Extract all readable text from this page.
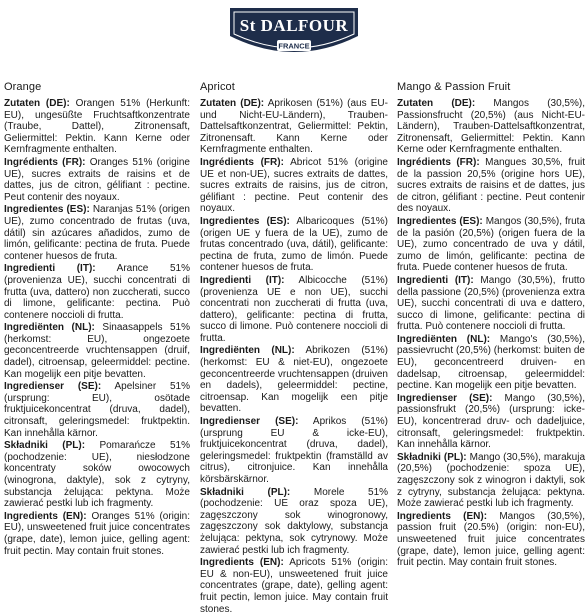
St DALFOUR
FRANCE
Orange

Zutaten (DE): Orangen 51% (Herkunft: EU), ungesüßte Fruchtsaftkonzentrate (Traube, Dattel), Zitronensaft, Geliermittel: Pektin. Kann Kerne oder Kernfragmente enthalten.

Ingrédients (FR): Oranges 51% (origine UE), sucres extraits de raisins et de dattes, jus de citron, gélifiant : pectine. Peut contenir des noyaux.

Ingredientes (ES): Naranjas 51% (origen UE), zumo concentrado de frutas (uva, dátil) sin azúcares añadidos, zumo de limón, gelificante: pectina de fruta. Puede contener huesos de fruta.

Ingredienti (IT): Arance 51% (provenienza UE), succhi concentrati di frutta (uva, dattero) non zuccherati, succo di limone, gelificante: pectina. Può contenere noccioli di frutta.

Ingrediënten (NL): Sinaasappels 51% (herkomst: EU), ongezoete geconcentreerde vruchtensappen (druif, dadel), citroensap, geleermiddel: pectine. Kan mogelijk een pitje bevatten.

Ingredienser (SE): Apelsiner 51% (ursprung: EU), osötade fruktjuicekoncentrat (druva, dadel), citronsaft, geleringsmedel: fruktpektin. Kan innehålla kärnor.

Składniki (PL): Pomarańcze 51% (pochodzenie: UE), niesłodzone koncentraty soków owocowych (winogrona, daktyle), sok z cytryny, substancja żelująca: pektyna. Może zawierać pestki lub ich fragmenty.

Ingredients (EN): Oranges 51% (origin: EU), unsweetened fruit juice concentrates (grape, date), lemon juice, gelling agent: fruit pectin. May contain fruit stones.

Apricot

Zutaten (DE): Aprikosen (51%) (aus EU- und Nicht-EU-Ländern), Trauben-Dattelsaftkonzentrat, Geliermittel: Pektin, Zitronensaft. Kann Kerne oder Kernfragmente enthalten.

Ingrédients (FR): Abricot 51% (origine UE et non-UE), sucres extraits de dattes, sucres extraits de raisins, jus de citron, gélifiant : pectine. Peut contenir des noyaux.

Ingredientes (ES): Albaricoques (51%) (origen UE y fuera de la UE), zumo de frutas concentrado (uva, dátil), gelificante: pectina de fruta, zumo de limón. Puede contener huesos de fruta.

Ingredienti (IT): Albicocche (51%) (provenienza UE e non UE), succhi concentrati non zuccherati di frutta (uva, dattero), gelificante: pectina di frutta, succo di limone. Può contenere noccioli di frutta.

Ingrediënten (NL): Abrikozen (51%) (herkomst: EU & niet-EU), ongezoete geconcentreerde vruchtensappen (druiven en dadels), geleermiddel: pectine, citroensap. Kan mogelijk een pitje bevatten.

Ingredienser (SE): Aprikos (51%) (ursprung EU & icke-EU), fruktjuicekoncentrat (druva, dadel), geleringsmedel: fruktpektin (framställd av citrus), citronjuice. Kan innehålla körsbärskärnor.

Składniki (PL): Morele 51% (pochodzenie: UE oraz spoza UE), zagęszczony sok winogronowy, zagęszczony sok daktylowy, substancja żelująca: pektyna, sok cytrynowy. Może zawierać pestki lub ich fragmenty.

Ingredients (EN): Apricots 51% (origin: EU & non-EU), unsweetened fruit juice concentrates (grape, date), gelling agent: fruit pectin, lemon juice. May contain fruit stones.

Mango & Passion Fruit

Zutaten (DE): Mangos (30,5%), Passionsfrucht (20,5%) (aus Nicht-EU-Ländern), Trauben-Dattelsaftkonzentrat, Zitronensaft, Geliermittel: Pektin. Kann Kerne oder Kernfragmente enthalten.

Ingrédients (FR): Mangues 30,5%, fruit de la passion 20,5% (origine hors UE), sucres extraits de raisins et de dattes, jus de citron, gélifiant : pectine. Peut contenir des noyaux.

Ingredientes (ES): Mangos (30,5%), fruta de la pasión (20,5%) (origen fuera de la UE), zumo concentrado de uva y dátil, zumo de limón, gelificante: pectina de fruta. Puede contener huesos de fruta.

Ingredienti (IT): Mango (30,5%), frutto della passione (20,5%) (provenienza extra UE), succhi concentrati di uva e dattero, succo di limone, gelificante: pectina di frutta. Può contenere noccioli di frutta.

Ingrediënten (NL): Mango's (30,5%), passievrucht (20,5%) (herkomst: buiten de EU), geconcentreerd druiven- en dadelsap, citroensap, geleermiddel: pectine. Kan mogelijk een pitje bevatten.

Ingredienser (SE): Mango (30,5%), passionsfrukt (20,5%) (ursprung: icke-EU), koncentrerad druv- och dadeljuice, citronsaft, geleringsmedel: fruktpektin. Kan innehålla kärnor.

Składniki (PL): Mango (30,5%), marakuja (20,5%) (pochodzenie: spoza UE), zagęszczony sok z winogron i daktyli, sok z cytryny, substancja żelująca: pektyna. Może zawierać pestki lub ich fragmenty.

Ingredients (EN): Mangos (30,5%), passion fruit (20.5%) (origin: non-EU), unsweetened fruit juice concentrates (grape, date), lemon juice, gelling agent: fruit pectin. May contain fruit stones.
